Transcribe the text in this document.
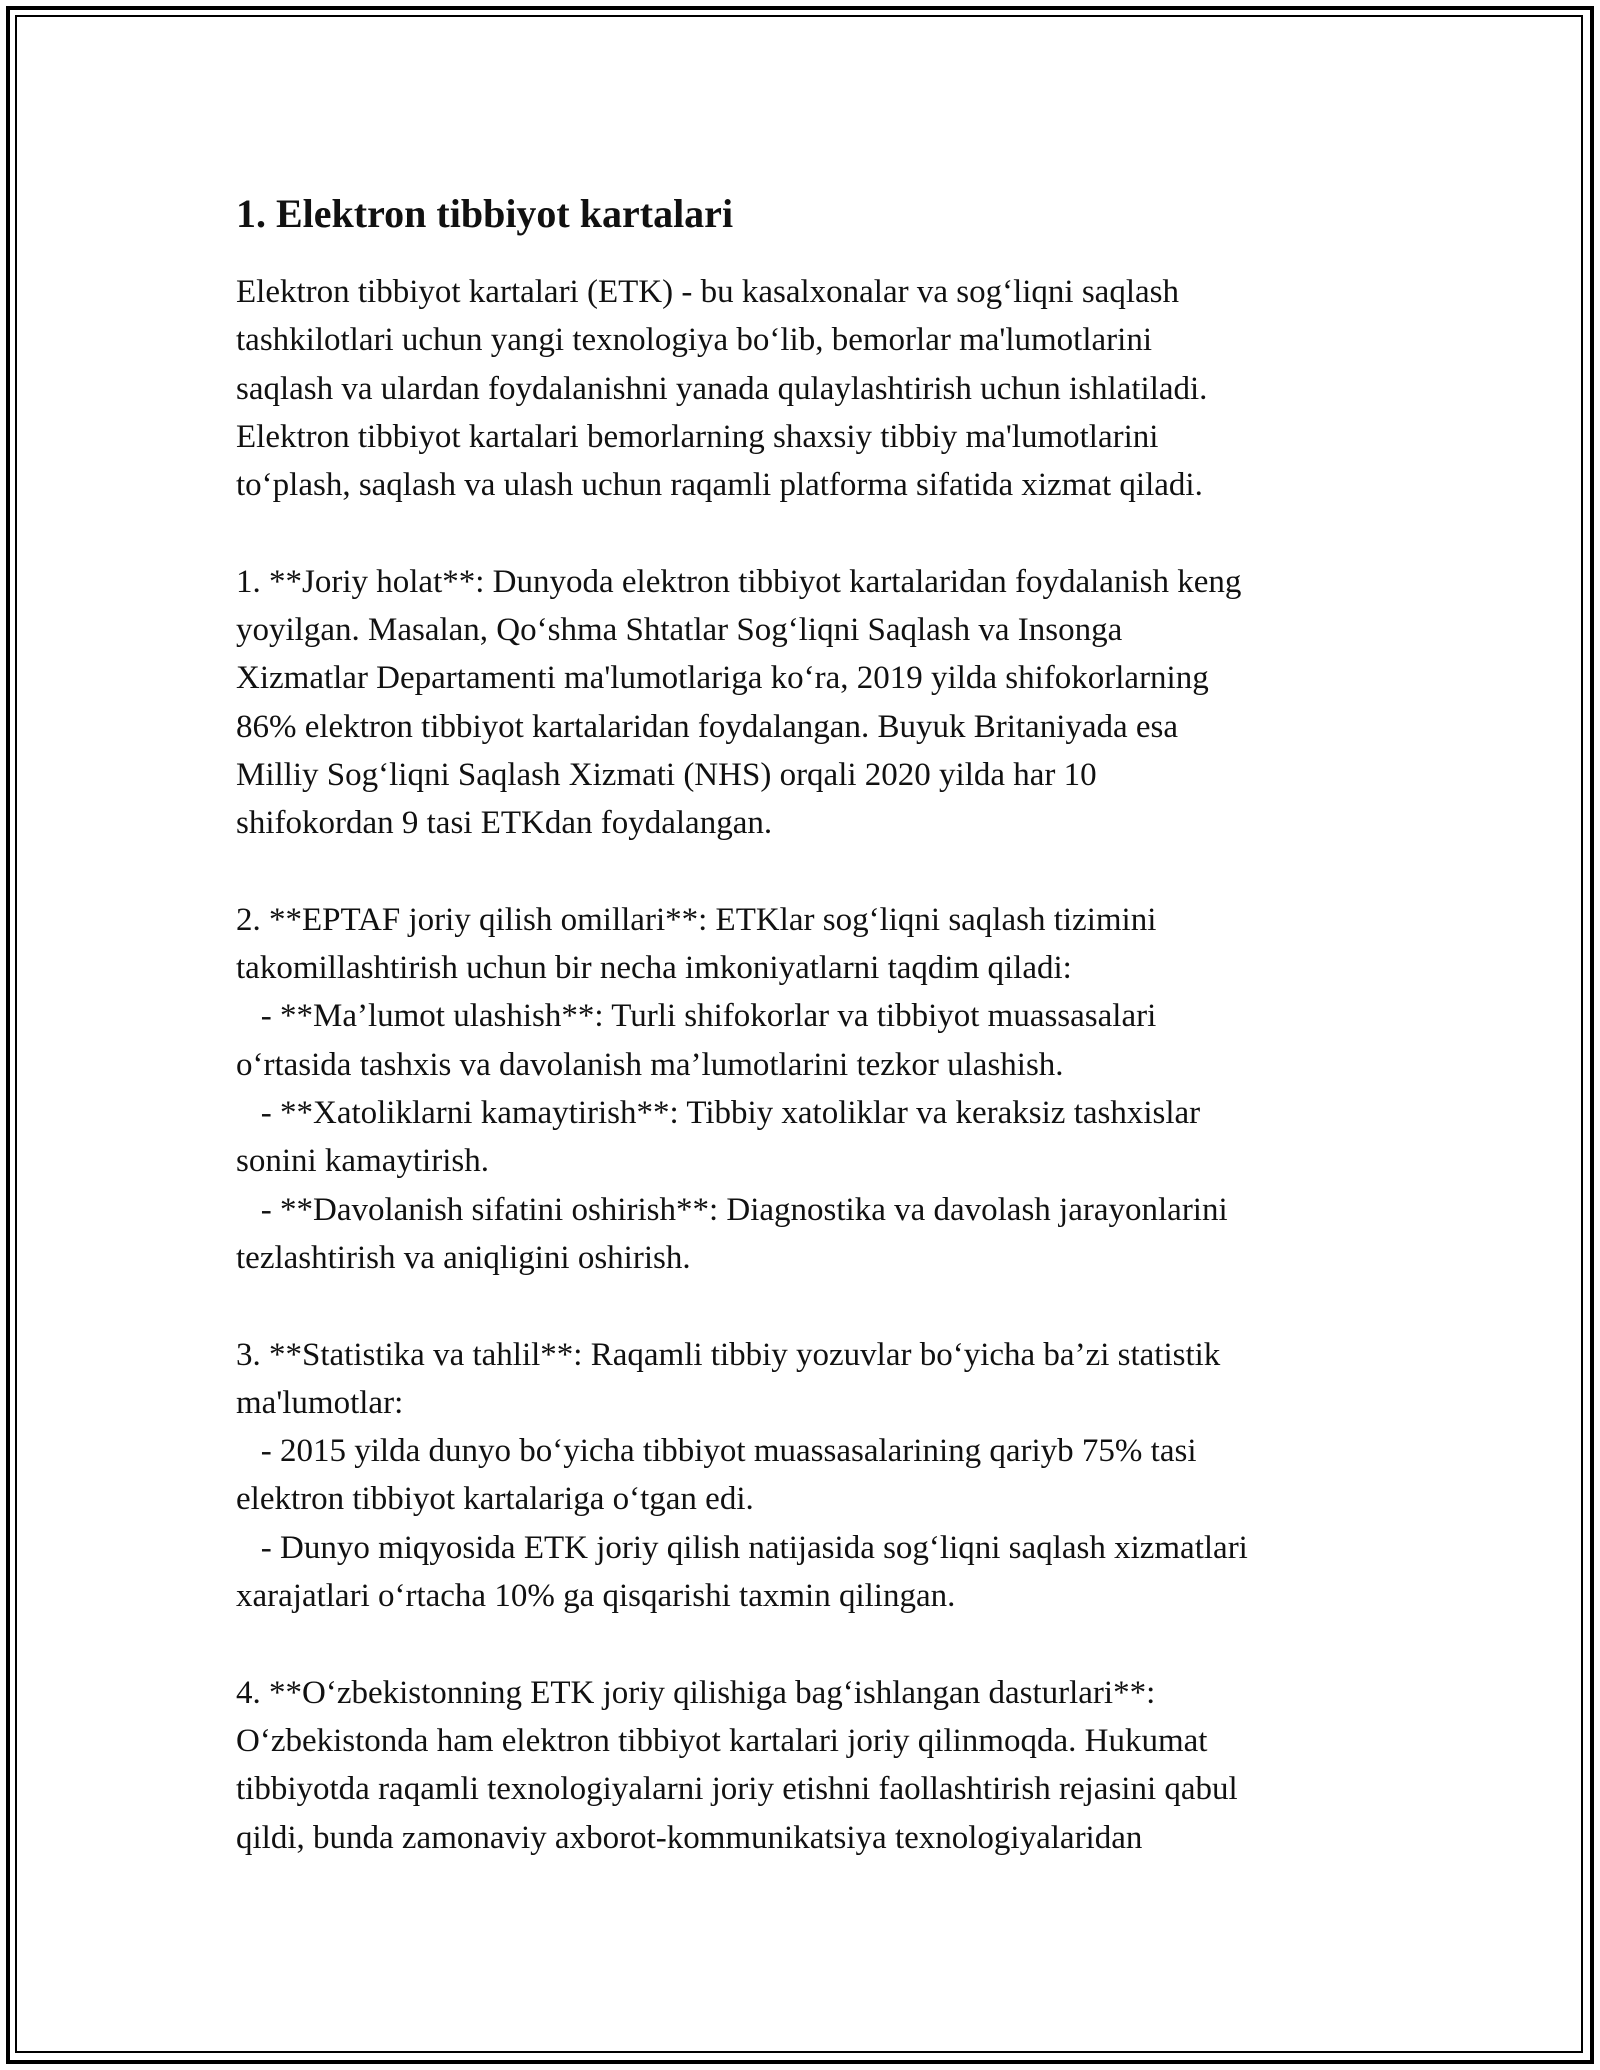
1. Elektron tibbiyot kartalari
Elektron tibbiyot kartalari (ETK) - bu kasalxonalar va sog‘liqni saqlash
tashkilotlari uchun yangi texnologiya bo‘lib, bemorlar ma'lumotlarini
saqlash va ulardan foydalanishni yanada qulaylashtirish uchun ishlatiladi.
Elektron tibbiyot kartalari bemorlarning shaxsiy tibbiy ma'lumotlarini
to‘plash, saqlash va ulash uchun raqamli platforma sifatida xizmat qiladi.
1. **Joriy holat**: Dunyoda elektron tibbiyot kartalaridan foydalanish keng
yoyilgan. Masalan, Qo‘shma Shtatlar Sog‘liqni Saqlash va Insonga
Xizmatlar Departamenti ma'lumotlariga ko‘ra, 2019 yilda shifokorlarning
86% elektron tibbiyot kartalaridan foydalangan. Buyuk Britaniyada esa
Milliy Sog‘liqni Saqlash Xizmati (NHS) orqali 2020 yilda har 10
shifokordan 9 tasi ETKdan foydalangan.
2. **EPTAF joriy qilish omillari**: ETKlar sog‘liqni saqlash tizimini
takomillashtirish uchun bir necha imkoniyatlarni taqdim qiladi:
- **Ma’lumot ulashish**: Turli shifokorlar va tibbiyot muassasalari
o‘rtasida tashxis va davolanish ma’lumotlarini tezkor ulashish.
- **Xatoliklarni kamaytirish**: Tibbiy xatoliklar va keraksiz tashxislar
sonini kamaytirish.
- **Davolanish sifatini oshirish**: Diagnostika va davolash jarayonlarini
tezlashtirish va aniqligini oshirish.
3. **Statistika va tahlil**: Raqamli tibbiy yozuvlar bo‘yicha ba’zi statistik
ma'lumotlar:
- 2015 yilda dunyo bo‘yicha tibbiyot muassasalarining qariyb 75% tasi
elektron tibbiyot kartalariga o‘tgan edi.
- Dunyo miqyosida ETK joriy qilish natijasida sog‘liqni saqlash xizmatlari
xarajatlari o‘rtacha 10% ga qisqarishi taxmin qilingan.
4. **O‘zbekistonning ETK joriy qilishiga bag‘ishlangan dasturlari**:
O‘zbekistonda ham elektron tibbiyot kartalari joriy qilinmoqda. Hukumat
tibbiyotda raqamli texnologiyalarni joriy etishni faollashtirish rejasini qabul
qildi, bunda zamonaviy axborot-kommunikatsiya texnologiyalaridan
